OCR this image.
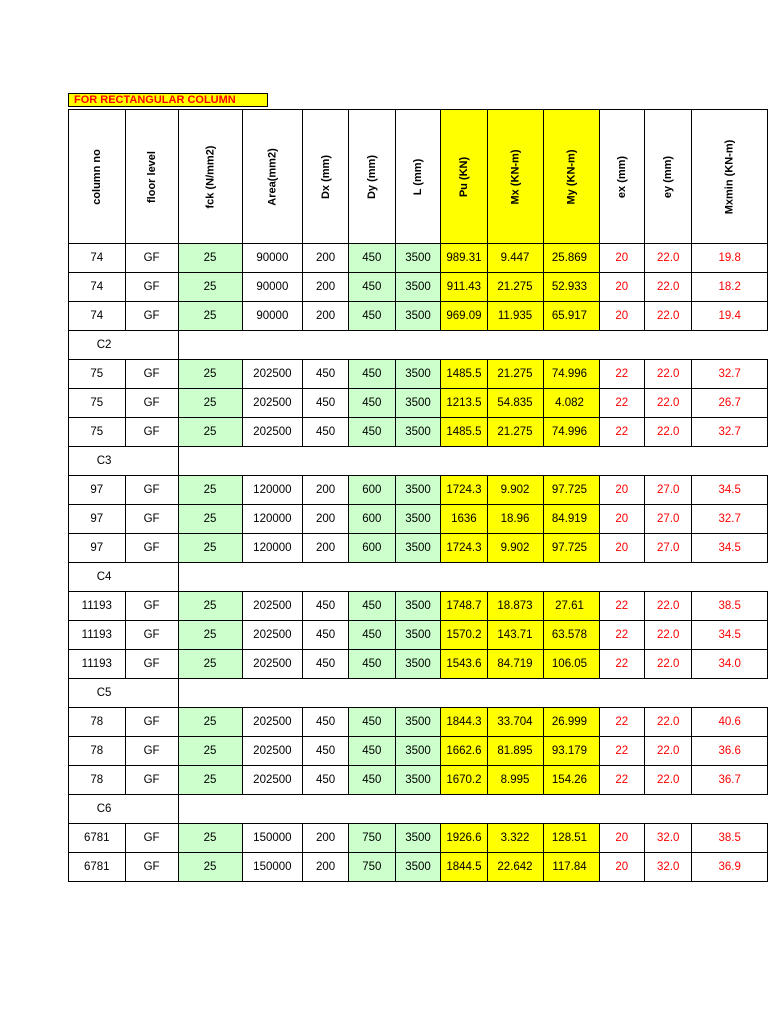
FOR RECTANGULAR COLUMN
column no	floor level	fck (N/mm2)	Area(mm2)	Dx (mm)	Dy (mm)	L (mm)	Pu (KN)	Mx (KN-m)	My (KN-m)	ex (mm)	ey (mm)	Mxmin (KN-m)
74	GF	25	90000	200	450	3500	989.31	9.447	25.869	20	22.0	19.8
74	GF	25	90000	200	450	3500	911.43	21.275	52.933	20	22.0	18.2
74	GF	25	90000	200	450	3500	969.09	11.935	65.917	20	22.0	19.4
C2												
75	GF	25	202500	450	450	3500	1485.5	21.275	74.996	22	22.0	32.7
75	GF	25	202500	450	450	3500	1213.5	54.835	4.082	22	22.0	26.7
75	GF	25	202500	450	450	3500	1485.5	21.275	74.996	22	22.0	32.7
C3												
97	GF	25	120000	200	600	3500	1724.3	9.902	97.725	20	27.0	34.5
97	GF	25	120000	200	600	3500	1636	18.96	84.919	20	27.0	32.7
97	GF	25	120000	200	600	3500	1724.3	9.902	97.725	20	27.0	34.5
C4												
11193	GF	25	202500	450	450	3500	1748.7	18.873	27.61	22	22.0	38.5
11193	GF	25	202500	450	450	3500	1570.2	143.71	63.578	22	22.0	34.5
11193	GF	25	202500	450	450	3500	1543.6	84.719	106.05	22	22.0	34.0
C5												
78	GF	25	202500	450	450	3500	1844.3	33.704	26.999	22	22.0	40.6
78	GF	25	202500	450	450	3500	1662.6	81.895	93.179	22	22.0	36.6
78	GF	25	202500	450	450	3500	1670.2	8.995	154.26	22	22.0	36.7
C6												
6781	GF	25	150000	200	750	3500	1926.6	3.322	128.51	20	32.0	38.5
6781	GF	25	150000	200	750	3500	1844.5	22.642	117.84	20	32.0	36.9
